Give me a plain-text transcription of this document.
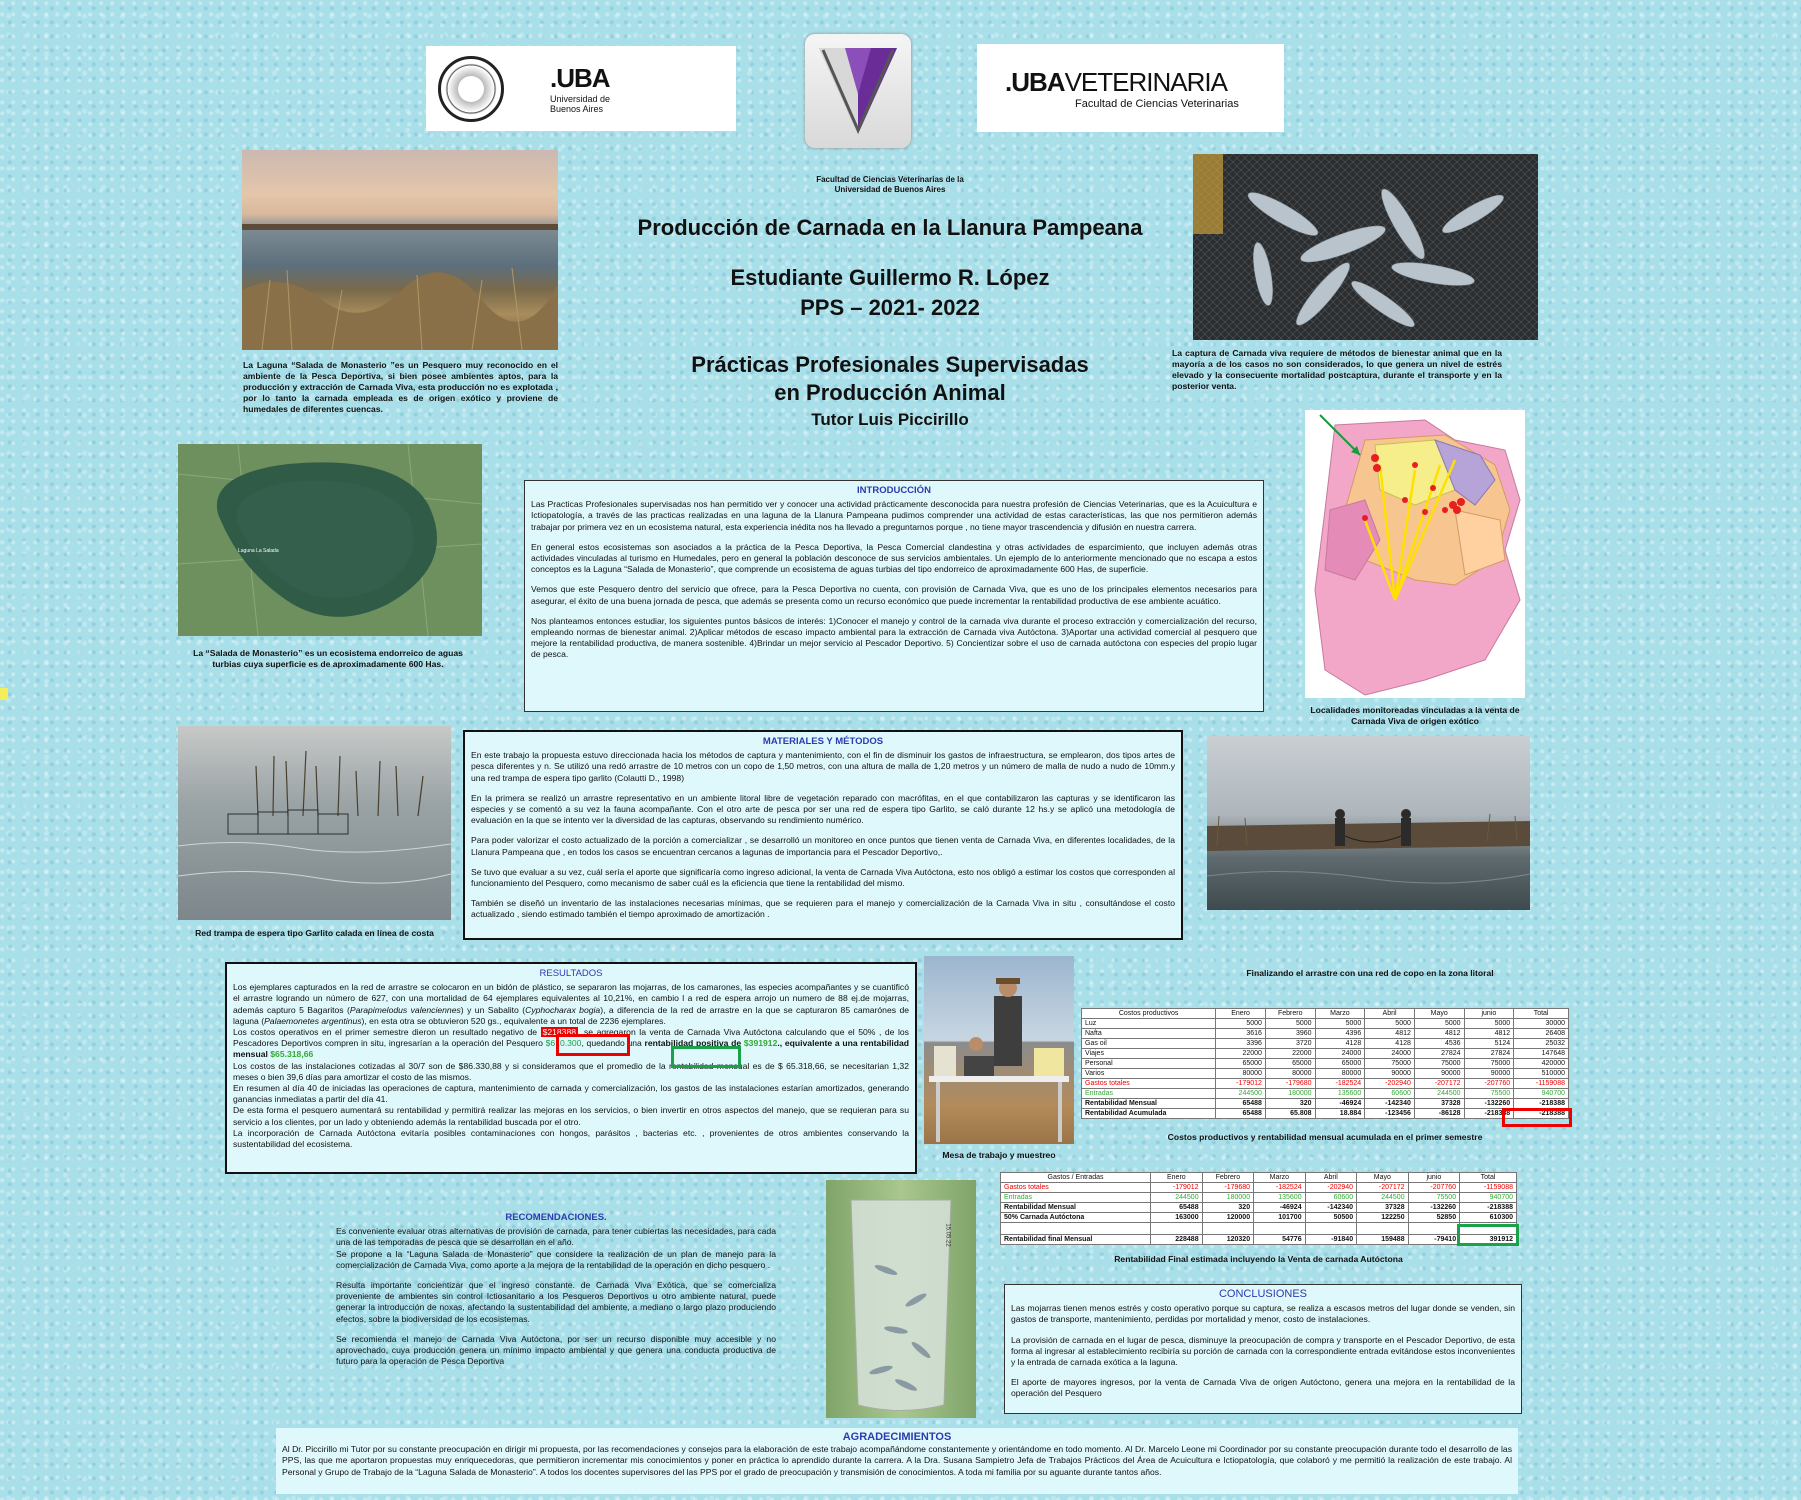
.UBA
Universidad de
Buenos Aires
.UBAVETERINARIA
Facultad de Ciencias Veterinarias
Facultad de Ciencias Veterinarias de la
Universidad de Buenos Aires
Producción de Carnada en la Llanura Pampeana
Estudiante Guillermo R. López
PPS – 2021- 2022
Prácticas Profesionales Supervisadas
en Producción Animal
Tutor Luis Piccirillo
La Laguna “Salada de Monasterio ”es un Pesquero muy reconocido en el ambiente de la Pesca Deportiva, si bien posee ambientes aptos, para la producción y extracción de Carnada Viva, esta producción no es explotada , por lo tanto la carnada empleada es de origen exótico y proviene de humedales de diferentes cuencas.
La captura de Carnada viva requiere de métodos de bienestar animal que en la mayoría a de los casos no son considerados, lo que genera un nivel de estrés elevado y la consecuente mortalidad postcaptura, durante el transporte y en la posterior venta.
Laguna La Salada
La “Salada de Monasterio” es un ecosistema endorreico de aguas turbias cuya superficie es de aproximadamente 600 Has.
Localidades monitoreadas vinculadas a la venta de Carnada Viva de origen exótico
INTRODUCCIÓN

Las Practicas Profesionales supervisadas nos han permitido ver y conocer una actividad prácticamente desconocida para nuestra profesión de Ciencias Veterinarias, que es la Acuicultura e Ictiopatología, a través de las practicas realizadas en una laguna de la Llanura Pampeana pudimos comprender una actividad de estas características, las que nos permitieron además trabajar por primera vez en un ecosistema natural, esta experiencia inédita nos ha llevado a preguntarnos porque , no tiene mayor trascendencia y difusión en nuestra carrera.

En general estos ecosistemas son asociados a la práctica de la Pesca Deportiva, la Pesca Comercial clandestina y otras actividades de esparcimiento, que incluyen además otras actividades vinculadas al turismo en Humedales, pero en general la población desconoce de sus servicios ambientales. Un ejemplo de lo anteriormente mencionado que no escapa a estos conceptos es la Laguna “Salada de Monasterio”, que comprende un ecosistema de aguas turbias del tipo endorreico de aproximadamente 600 Has, de superficie.

Vemos que este Pesquero dentro del servicio que ofrece, para la Pesca Deportiva no cuenta, con provisión de Carnada Viva, que es uno de los principales elementos necesarios para asegurar, el éxito de una buena jornada de pesca, que además se presenta como un recurso económico que puede incrementar la rentabilidad productiva de ese ambiente acuático.

Nos planteamos entonces estudiar, los siguientes puntos básicos de interés: 1)Conocer el manejo y control de la carnada viva durante el proceso extracción y comercialización del recurso, empleando normas de bienestar animal. 2)Aplicar métodos de escaso impacto ambiental para la extracción de Carnada viva Autóctona. 3)Aportar una actividad comercial al pesquero que mejore la rentabilidad productiva, de manera sostenible. 4)Brindar un mejor servicio al Pescador Deportivo. 5) Concientizar sobre el uso de carnada autóctona con especies del propio lugar de pesca.

Red trampa de espera tipo Garlito calada en línea de costa
MATERIALES Y MÉTODOS

En este trabajo la propuesta estuvo direccionada hacia los métodos de captura y mantenimiento, con el fin de disminuir los gastos de infraestructura, se emplearon, dos tipos artes de pesca diferentes y n. Se utilizó una redó arrastre de 10 metros con un copo de 1,50 metros, con una altura de malla de 1,20 metros y un número de malla de nudo a nudo de 10mm.y una red trampa de espera tipo garlito (Colautti D., 1998)

En la primera se realizó un arrastre representativo en un ambiente litoral libre de vegetación reparado con macrófitas, en el que contabilizaron las capturas y se identificaron las especies y se comentó a su vez la fauna acompañante. Con el otro arte de pesca por ser una red de espera tipo Garlito, se caló durante 12 hs.y se aplicó una metodología de evaluación en la que se intento ver la diversidad de las capturas, observando su rendimiento numérico.

Para poder valorizar el costo actualizado de la porción a comercializar , se desarrolló un monitoreo en once puntos que tienen venta de Carnada Viva, en diferentes localidades, de la Llanura Pampeana que , en todos los casos se encuentran cercanos a lagunas de importancia para el Pescador Deportivo,.

Se tuvo que evaluar a su vez, cuál sería el aporte que significaría como ingreso adicional, la venta de Carnada Viva Autóctona, esto nos obligó a estimar los costos que corresponden al funcionamiento del Pesquero, como mecanismo de saber cuál es la eficiencia que tiene la rentabilidad del mismo.

También se diseñó un inventario de las instalaciones necesarias mínimas, que se requieren para el manejo y comercialización de la Carnada Viva in situ , consultándose el costo actualizado , siendo estimado también el tiempo aproximado de amortización .

Finalizando el arrastre con una red de copo en la zona litoral
RESULTADOS
Los ejemplares capturados en la red de arrastre se colocaron en un bidón de plástico, se separaron las mojarras, de los camarones, las especies acompañantes y se cuantificó el arrastre logrando un número de 627, con una mortalidad de 64 ejemplares equivalentes al 10,21%, en cambio l a red de espera arrojo un numero de 88 ej.de mojarras, además capturo 5 Bagaritos (Parapimelodus valenciennes) y un Sabalito (Cyphocharax bogia), a diferencia de la red de arrastre en la que se capturaron 85 camarónes de laguna (Palaemonetes argentinus), en esta otra se obtuvieron 520 gs., equivalente a un total de 2236 ejemplares.
Los costos operativos en el primer semestre dieron un resultado negativo de $218388 , se agregaron la venta de Carnada Viva Autóctona calculando que el 50% , de los Pescadores Deportivos compren in situ, ingresarían a la operación del Pesquero $610.300, quedando una rentabilidad positiva de $391912., equivalente a una rentabilidad mensual $65.318,66
Los costos de las instalaciones cotizadas al 30/7 son de $86.330,88 y si consideramos que el promedio de la rentabilidad mensual es de $ 65.318,66, se necesitarian 1,32 meses o bien 39,6 días para amortizar el costo de las mismos.
En resumen al día 40 de iniciadas las operaciones de captura, mantenimiento de carnada y comercialización, los gastos de las instalaciones estarían amortizados, generando ganancias inmediatas a partir del día 41.
De esta forma el pesquero aumentará su rentabilidad y permitirá realizar las mejoras en los servicios, o bien invertir en otros aspectos del manejo, que se requieran para su servicio a los clientes, por un lado y obteniendo además la rentabilidad buscada por el otro.
La incorporación de Carnada Autóctona evitaría posibles contaminaciones con hongos, parásitos , bacterias etc. , provenientes de otros ambientes conservando la sustentabilidad del ecosistema.
Mesa de trabajo y muestreo
Costos productivos	Enero	Febrero	Marzo	Abril	Mayo	junio	Total
Luz	5000	5000	5000	5000	5000	5000	30000
Nafta	3616	3960	4396	4812	4812	4812	26408
Gas oil	3396	3720	4128	4128	4536	5124	25032
Viajes	22000	22000	24000	24000	27824	27824	147648
Personal	65000	65000	65000	75000	75000	75000	420000
Varios	80000	80000	80000	90000	90000	90000	510000
Gastos totales	-179012	-179680	-182524	-202940	-207172	-207760	-1159088
Entradas	244500	180000	135600	60600	244500	75500	940700
Rentabilidad Mensual	65488	320	-46924	-142340	37328	-132260	-218388
Rentabilidad Acumulada	65488	65.808	18.884	-123456	-86128	-218388	-218388
Costos productivos y rentabilidad mensual acumulada en el primer semestre
Gastos / Entradas	Enero	Febrero	Marzo	Abril	Mayo	junio	Total
Gastos totales	-179012	-179680	-182524	-202940	-207172	-207760	-1159088
Entradas	244500	180000	135600	60600	244500	75500	940700
Rentabilidad Mensual	65488	320	-46924	-142340	37328	-132260	-218388
50% Carnada Autóctona	163000	120000	101700	50500	122250	52850	610300

Rentabilidad final Mensual	228488	120320	54776	-91840	159488	-79410	391912
Rentabilidad Final estimada incluyendo la Venta de carnada Autóctona
RECOMENDACIONES.

Es conveniente evaluar otras alternativas de provisión de carnada, para tener cubiertas las necesidades, para cada una de las temporadas de pesca que se desarrollan en el año.

Se propone a la “Laguna Salada de Monasterio” que considere la realización de un plan de manejo para la comercialización de Carnada Viva, como aporte a la mejora de la rentabilidad de la operación en dicho pesquero .

Resulta importante concientizar que el ingreso constante. de Carnada Viva Exótica, que se comercializa proveniente de ambientes sin control Ictiosanitario a los Pesqueros Deportivos u otro ambiente natural, puede generar la introducción de noxas, afectando la sustentabilidad del ambiente, a mediano o largo plazo produciendo efectos, sobre la biodiversidad de los ecosistemas.

Se recomienda el manejo de Carnada Viva Autóctona, por ser un recurso disponible muy accesible y no aprovechado, cuya producción genera un mínimo impacto ambiental y que genera una conducta productiva de futuro para la operación de Pesca Deportiva

15.05.22
CONCLUSIONES

Las mojarras tienen menos estrés y costo operativo porque su captura, se realiza a escasos metros del lugar donde se venden, sin gastos de transporte, mantenimiento, perdidas por mortalidad y menor, costo de instalaciones.

La provisión de carnada en el lugar de pesca, disminuye la preocupación de compra y transporte en el Pescador Deportivo, de esta forma al ingresar al establecimiento recibiría su porción de carnada con la correspondiente entrada evitándose estos inconvenientes y la entrada de carnada exótica a la laguna.

El aporte de mayores ingresos, por la venta de Carnada Viva de origen Autóctono, genera una mejora en la rentabilidad de la operación del Pesquero

AGRADECIMIENTOS
Al Dr. Piccirillo mi Tutor por su constante preocupación en dirigir mi propuesta, por las recomendaciones y consejos para la elaboración de este trabajo acompañándome constantemente y orientándome en todo momento. Al Dr. Marcelo Leone mi Coordinador por su constante preocupación durante todo el desarrollo de las PPS, las que me aportaron propuestas muy enriquecedoras, que permitieron incrementar mis conocimientos y poner en práctica lo aprendido durante la carrera. A la Dra. Susana Sampietro Jefa de Trabajos Prácticos del Área de Acuicultura e Ictiopatología, que colaboró y me permitió la realización de este trabajo. Al Personal y Grupo de Trabajo de la “Laguna Salada de Monasterio”. A todos los docentes supervisores del las PPS por el grado de preocupación y transmisión de conocimientos. A toda mi familia por su aguante durante tantos años.
